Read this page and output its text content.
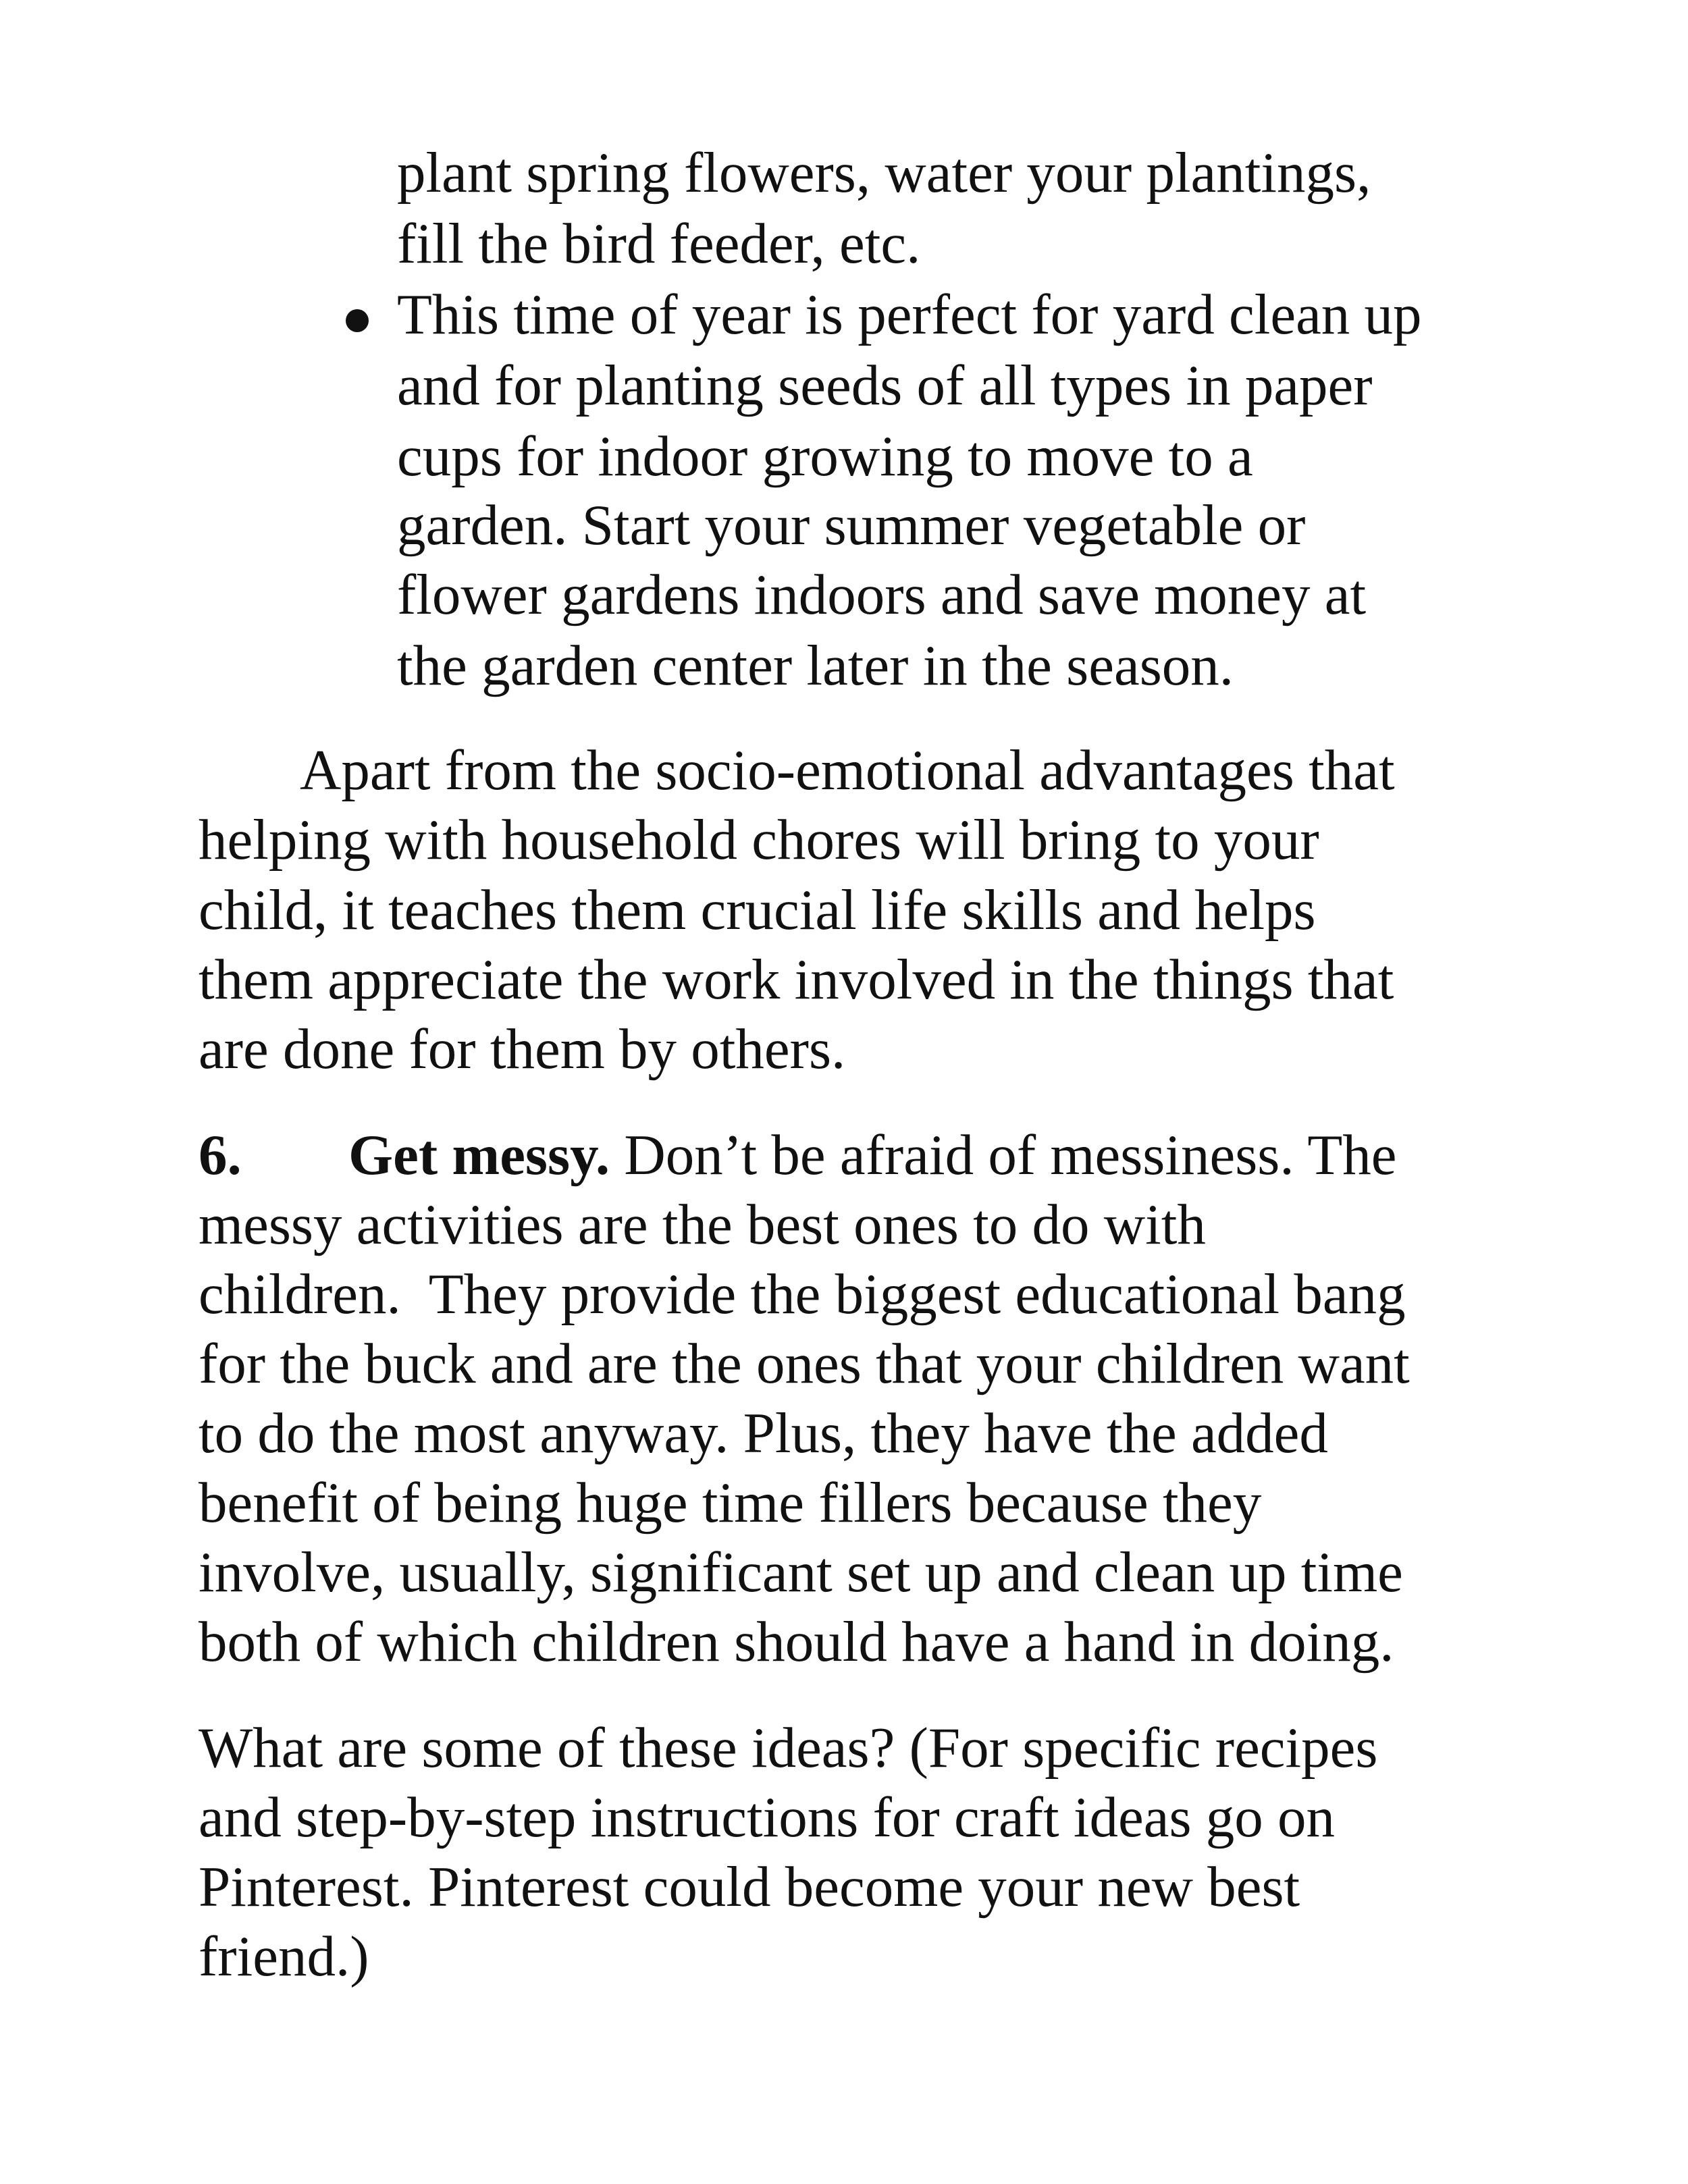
plant spring flowers, water your plantings,
fill the bird feeder, etc.
This time of year is perfect for yard clean up
and for planting seeds of all types in paper
cups for indoor growing to move to a
garden. Start your summer vegetable or
flower gardens indoors and save money at
the garden center later in the season.
Apart from the socio-emotional advantages that
helping with household chores will bring to your
child, it teaches them crucial life skills and helps
them appreciate the work involved in the things that
are done for them by others.
6. Get messy. Don’t be afraid of messiness. The
messy activities are the best ones to do with
children.  They provide the biggest educational bang
for the buck and are the ones that your children want
to do the most anyway. Plus, they have the added
benefit of being huge time fillers because they
involve, usually, significant set up and clean up time
both of which children should have a hand in doing.
What are some of these ideas? (For specific recipes
and step-by-step instructions for craft ideas go on
Pinterest. Pinterest could become your new best
friend.)
